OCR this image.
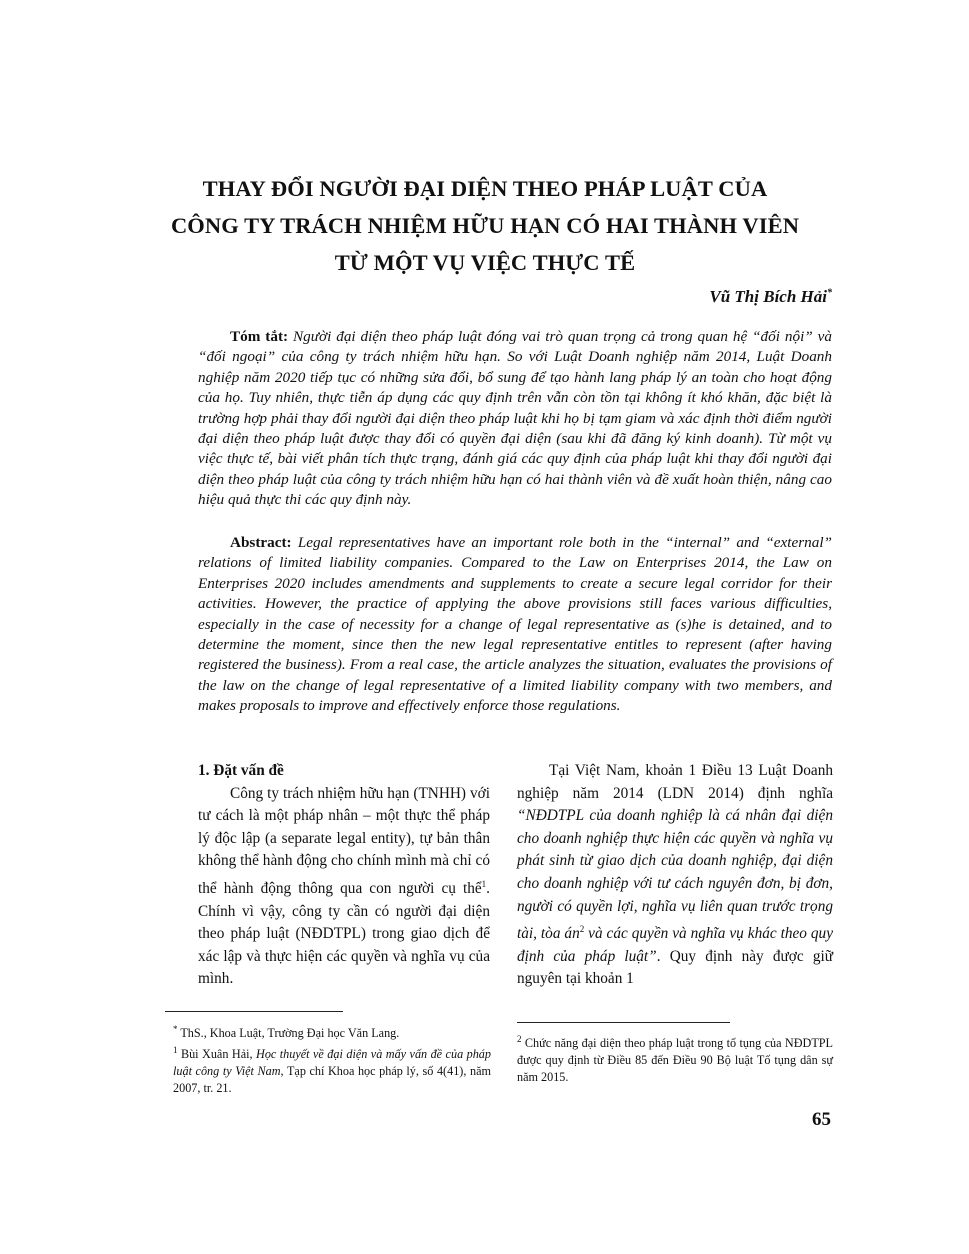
THAY ĐỔI NGƯỜI ĐẠI DIỆN THEO PHÁP LUẬT CỦA
CÔNG TY TRÁCH NHIỆM HỮU HẠN CÓ HAI THÀNH VIÊN
TỪ MỘT VỤ VIỆC THỰC TẾ
Vũ Thị Bích Hải*
Tóm tắt: Người đại diện theo pháp luật đóng vai trò quan trọng cả trong quan hệ “đối nội” và “đối ngoại” của công ty trách nhiệm hữu hạn. So với Luật Doanh nghiệp năm 2014, Luật Doanh nghiệp năm 2020 tiếp tục có những sửa đổi, bổ sung để tạo hành lang pháp lý an toàn cho hoạt động của họ. Tuy nhiên, thực tiễn áp dụng các quy định trên vẫn còn tồn tại không ít khó khăn, đặc biệt là trường hợp phải thay đổi người đại diện theo pháp luật khi họ bị tạm giam và xác định thời điểm người đại diện theo pháp luật được thay đổi có quyền đại diện (sau khi đã đăng ký kinh doanh). Từ một vụ việc thực tế, bài viết phân tích thực trạng, đánh giá các quy định của pháp luật khi thay đổi người đại diện theo pháp luật của công ty trách nhiệm hữu hạn có hai thành viên và đề xuất hoàn thiện, nâng cao hiệu quả thực thi các quy định này.
Abstract: Legal representatives have an important role both in the “internal” and “external” relations of limited liability companies. Compared to the Law on Enterprises 2014, the Law on Enterprises 2020 includes amendments and supplements to create a secure legal corridor for their activities. However, the practice of applying the above provisions still faces various difficulties, especially in the case of necessity for a change of legal representative as (s)he is detained, and to determine the moment, since then the new legal representative entitles to represent (after having registered the business). From a real case, the article analyzes the situation, evaluates the provisions of the law on the change of legal representative of a limited liability company with two members, and makes proposals to improve and effectively enforce those regulations.

1. Đặt vấn đề

Công ty trách nhiệm hữu hạn (TNHH) với tư cách là một pháp nhân – một thực thể pháp lý độc lập (a separate legal entity), tự bản thân không thể hành động cho chính mình mà chỉ có thể hành động thông qua con người cụ thể$^1$. Chính vì vậy, công ty cần có người đại diện theo pháp luật (NĐDTPL) trong giao dịch để xác lập và thực hiện các quyền và nghĩa vụ của mình.

Tại Việt Nam, khoản 1 Điều 13 Luật Doanh nghiệp năm 2014 (LDN 2014) định nghĩa “NĐDTPL của doanh nghiệp là cá nhân đại diện cho doanh nghiệp thực hiện các quyền và nghĩa vụ phát sinh từ giao dịch của doanh nghiệp, đại diện cho doanh nghiệp với tư cách nguyên đơn, bị đơn, người có quyền lợi, nghĩa vụ liên quan trước trọng tài, tòa $án^2$ và các quyền và nghĩa vụ khác theo quy định của pháp luật”. Quy định này được giữ nguyên tại khoản 1

* ThS., Khoa Luật, Trường Đại học Văn Lang.

$^1$ Bùi Xuân Hải, Học thuyết về đại diện và mấy vấn đề của pháp luật công ty Việt Nam, Tạp chí Khoa học pháp lý, số 4(41), năm 2007, tr. 21.

$^2$ Chức năng đại diện theo pháp luật trong tố tụng của NĐDTPL được quy định từ Điều 85 đến Điều 90 Bộ luật Tố tụng dân sự năm 2015.

65
